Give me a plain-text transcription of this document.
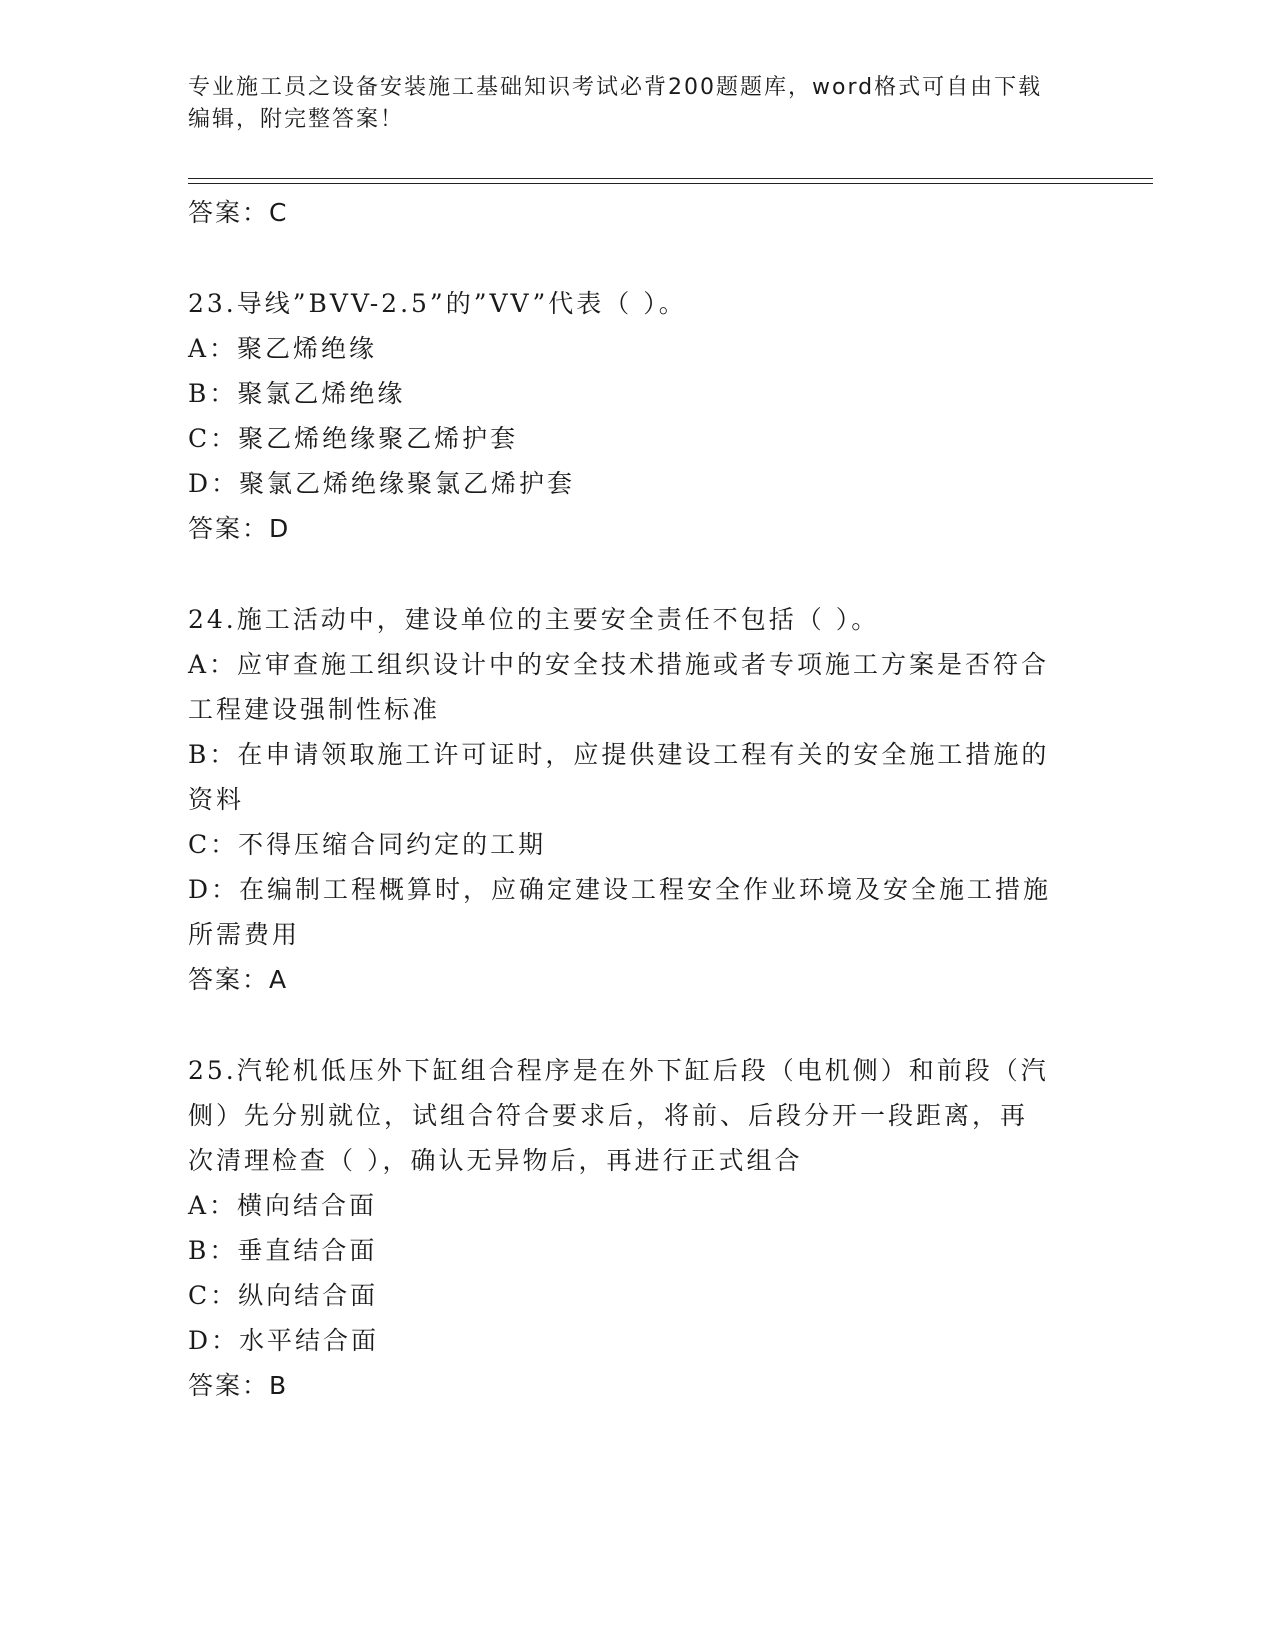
专业施工员之设备安装施工基础知识考试必背200题题库，word格式可自由下载
编辑，附完整答案！
答案：C
23.导线”BVV-2.5”的”VV”代表（ ）。
A：聚乙烯绝缘
B：聚氯乙烯绝缘
C：聚乙烯绝缘聚乙烯护套
D：聚氯乙烯绝缘聚氯乙烯护套
答案：D
24.施工活动中，建设单位的主要安全责任不包括（ ）。
A：应审查施工组织设计中的安全技术措施或者专项施工方案是否符合
工程建设强制性标准
B：在申请领取施工许可证时，应提供建设工程有关的安全施工措施的
资料
C：不得压缩合同约定的工期
D：在编制工程概算时，应确定建设工程安全作业环境及安全施工措施
所需费用
答案：A
25.汽轮机低压外下缸组合程序是在外下缸后段（电机侧）和前段（汽
侧）先分别就位，试组合符合要求后，将前、后段分开一段距离，再
次清理检查（ ），确认无异物后，再进行正式组合
A：横向结合面
B：垂直结合面
C：纵向结合面
D：水平结合面
答案：B
